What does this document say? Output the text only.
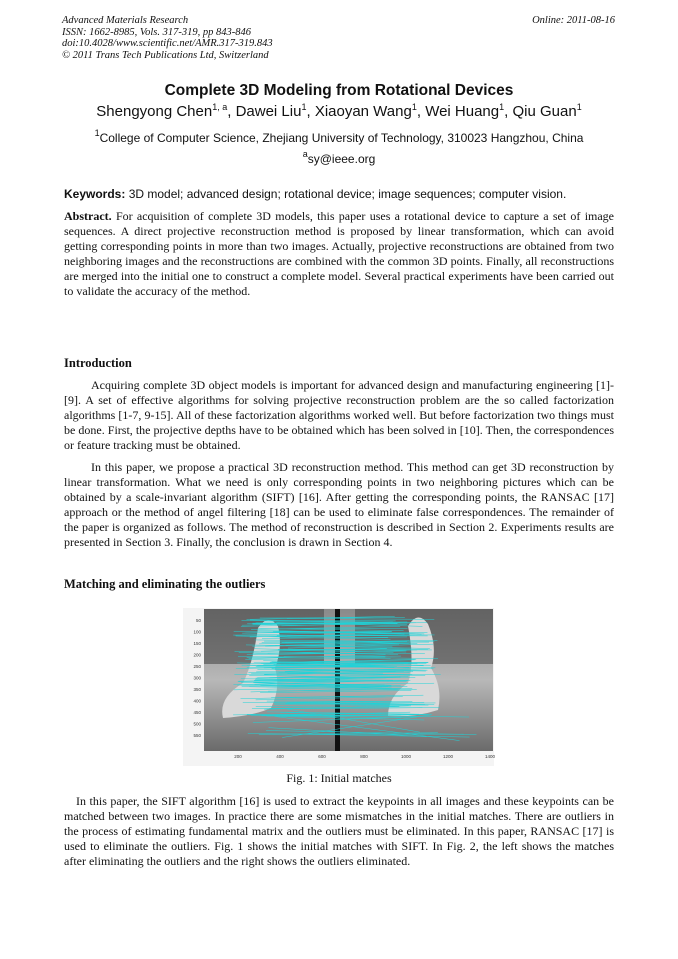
Advanced Materials Research
ISSN: 1662-8985, Vols. 317-319, pp 843-846
doi:10.4028/www.scientific.net/AMR.317-319.843
© 2011 Trans Tech Publications Ltd, Switzerland
Online: 2011-08-16
Complete 3D Modeling from Rotational Devices
Shengyong Chen$^{1, a}$, Dawei Liu$^1$, Xiaoyan Wang$^1$, Wei Huang$^1$, Qiu Guan$^1$
$^1$College of Computer Science, Zhejiang University of Technology, 310023 Hangzhou, China
$^a$sy@ieee.org
Keywords: 3D model; advanced design; rotational device; image sequences; computer vision.
Abstract. For acquisition of complete 3D models, this paper uses a rotational device to capture a set of image sequences. A direct projective reconstruction method is proposed by linear transformation, which can avoid getting corresponding points in more than two images. Actually, projective reconstructions are obtained from two neighboring images and the reconstructions are combined with the common 3D points. Finally, all reconstructions are merged into the initial one to construct a complete model. Several practical experiments have been carried out to validate the accuracy of the method.
Introduction
Acquiring complete 3D object models is important for advanced design and manufacturing engineering [1]-[9]. A set of effective algorithms for solving projective reconstruction problem are the so called factorization algorithms [1-7, 9-15]. All of these factorization algorithms worked well. But before factorization two things must be done. First, the projective depths have to be obtained which has been solved in [10]. Then, the correspondences or feature tracking must be obtained.
In this paper, we propose a practical 3D reconstruction method. This method can get 3D reconstruction by linear transformation. What we need is only corresponding points in two neighboring pictures which can be obtained by a scale-invariant algorithm (SIFT) [16]. After getting the corresponding points, the RANSAC [17] approach or the method of angel filtering [18] can be used to eliminate false correspondences. The remainder of the paper is organized as follows. The method of reconstruction is described in Section 2. Experiments results are presented in Section 3. Finally, the conclusion is drawn in Section 4.
Matching and eliminating the outliers
50
100
150
200
250
300
350
400
450
500
550
200	400	600	800	1000	1200	1400
Fig. 1: Initial matches
In this paper, the SIFT algorithm [16] is used to extract the keypoints in all images and these keypoints can be matched between two images. In practice there are some mismatches in the initial matches. There are outliers in the process of estimating fundamental matrix and the outliers must be eliminated. In this paper, RANSAC [17] is used to eliminate the outliers. Fig. 1 shows the initial matches with SIFT. In Fig. 2, the left shows the matches after eliminating the outliers and the right shows the outliers eliminated.
